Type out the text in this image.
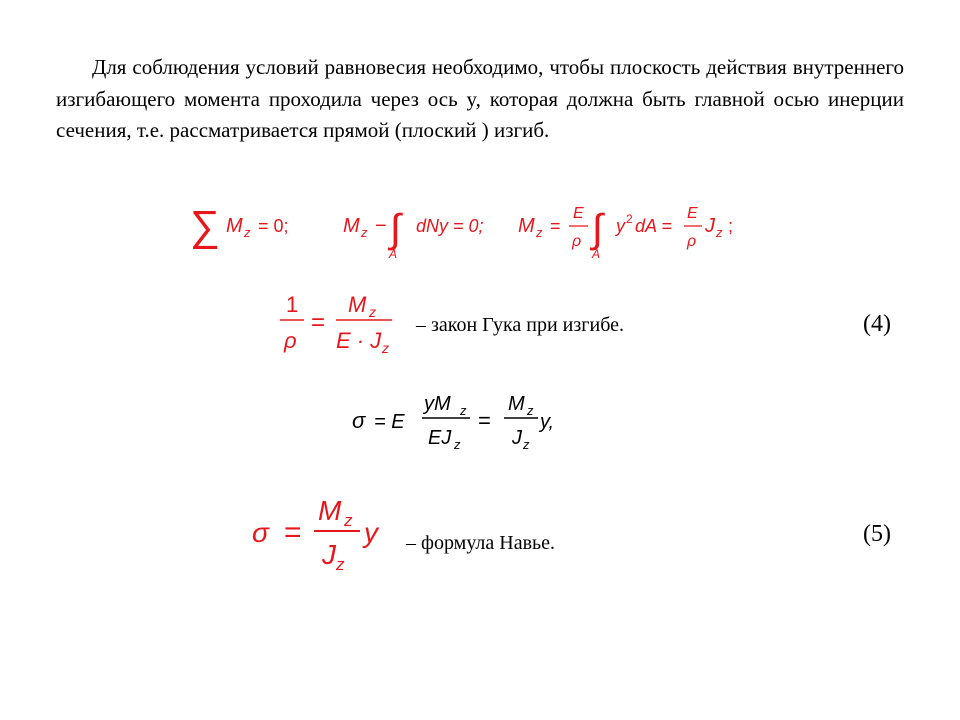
Для соблюдения условий равновесия необходимо, чтобы плоскость действия внутреннего изгибающего момента проходила через ось y, которая должна быть главной осью инерции сечения, т.е. рассматривается прямой (плоский ) изгиб.
∑ M z = 0;	M z − ∫
A
dNy = 0; M z =
E
ρ ∫
A
y 2 dA =
E
ρ
J z ;
1
ρ
=
M z
E · J z
– закон Гука при изгибе.	(4)
σ = E
yM z
EJ z
=
M z
J z
y,
σ =
M z
J z
y – формула Навье.	(5)
